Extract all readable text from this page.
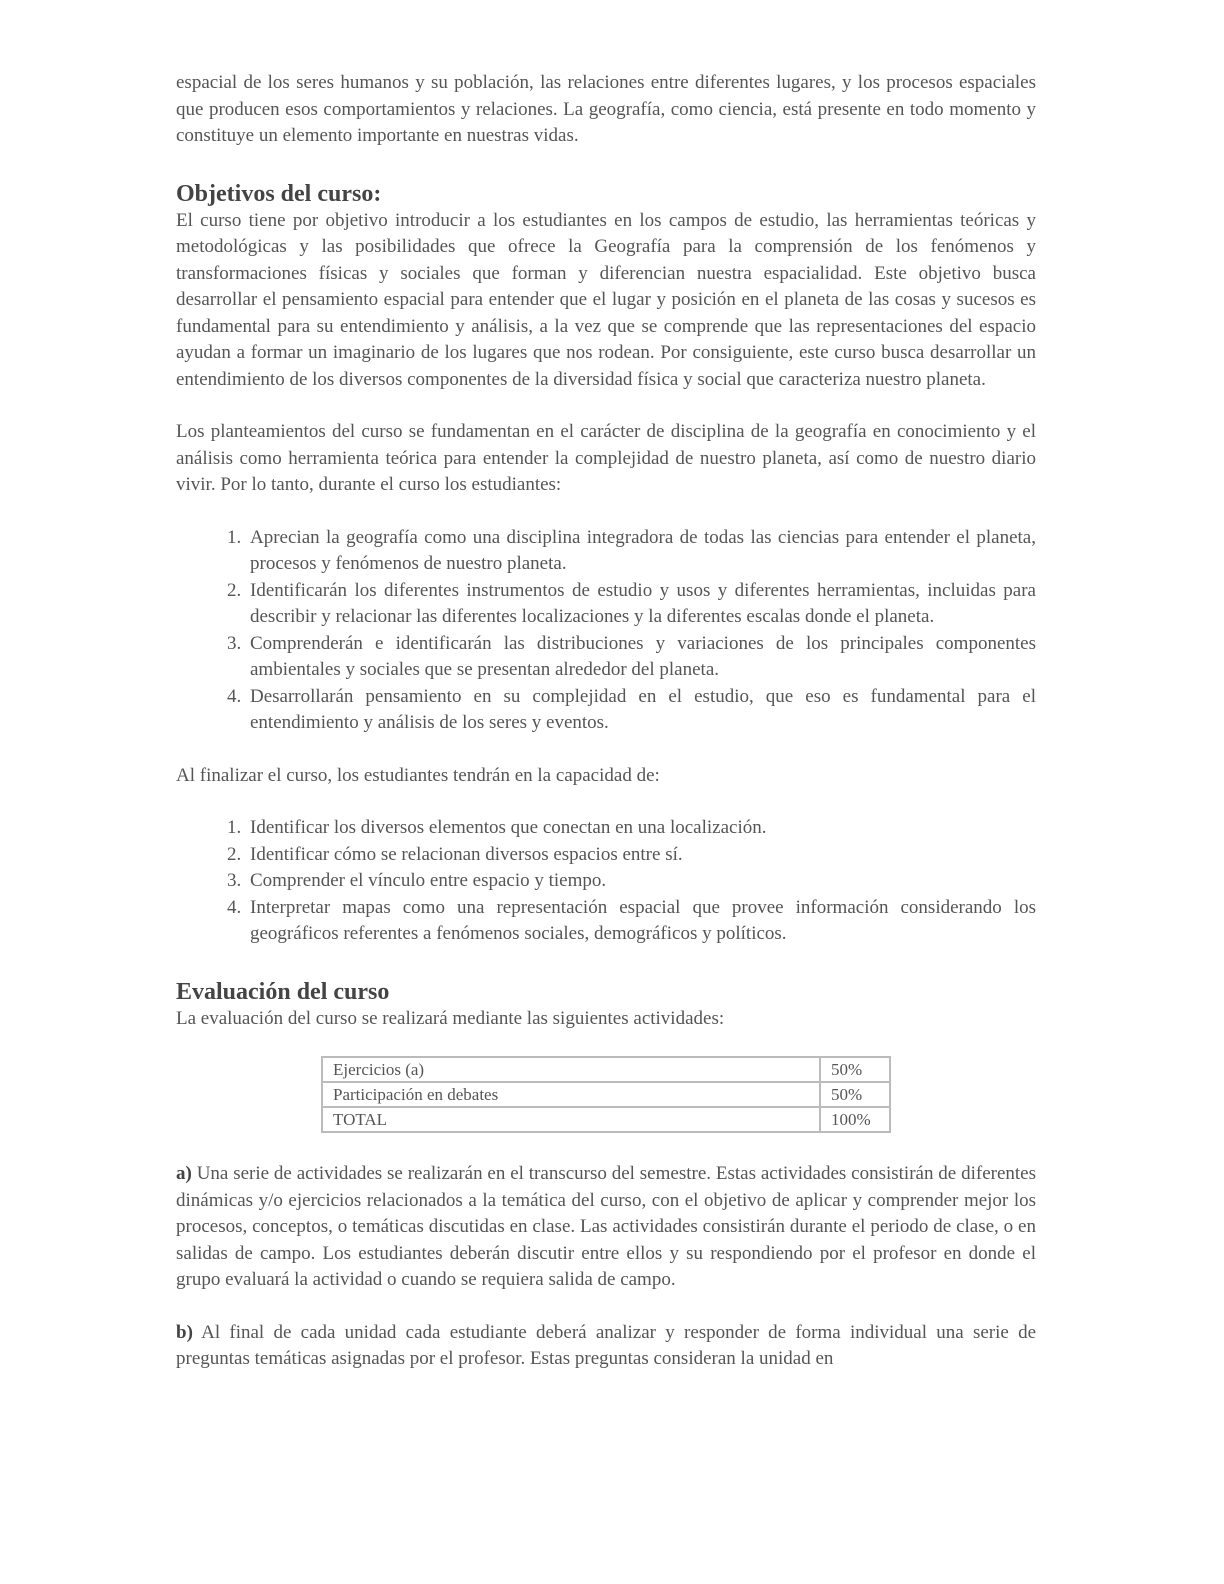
espacial de los seres humanos y su población, las relaciones entre diferentes lugares, y los procesos espaciales que producen esos comportamientos y relaciones. La geografía, como ciencia, está presente en todo momento y constituye un elemento importante en nuestras vidas.

Objetivos del curso:

El curso tiene por objetivo introducir a los estudiantes en los campos de estudio, las herramientas teóricas y metodológicas y las posibilidades que ofrece la Geografía para la comprensión de los fenómenos y transformaciones físicas y sociales que forman y diferencian nuestra espacialidad. Este objetivo busca desarrollar el pensamiento espacial para entender que el lugar y posición en el planeta de las cosas y sucesos es fundamental para su entendimiento y análisis, a la vez que se comprende que las representaciones del espacio ayudan a formar un imaginario de los lugares que nos rodean. Por consiguiente, este curso busca desarrollar un entendimiento de los diversos componentes de la diversidad física y social que caracteriza nuestro planeta.

Los planteamientos del curso se fundamentan en el carácter de disciplina de la geografía en conocimiento y el análisis como herramienta teórica para entender la complejidad de nuestro planeta, así como de nuestro diario vivir. Por lo tanto, durante el curso los estudiantes:

1. Aprecian la geografía como una disciplina integradora de todas las ciencias para entender el planeta, procesos y fenómenos de nuestro planeta.
2. Identificarán los diferentes instrumentos de estudio y usos y diferentes herramientas, incluidas para describir y relacionar las diferentes localizaciones y la diferentes escalas donde el planeta.
3. Comprenderán e identificarán las distribuciones y variaciones de los principales componentes ambientales y sociales que se presentan alrededor del planeta.
4. Desarrollarán pensamiento en su complejidad en el estudio, que eso es fundamental para el entendimiento y análisis de los seres y eventos.

Al finalizar el curso, los estudiantes tendrán en la capacidad de:

1. Identificar los diversos elementos que conectan en una localización.
2. Identificar cómo se relacionan diversos espacios entre sí.
3. Comprender el vínculo entre espacio y tiempo.
4. Interpretar mapas como una representación espacial que provee información considerando los geográficos referentes a fenómenos sociales, demográficos y políticos.
Evaluación del curso

La evaluación del curso se realizará mediante las siguientes actividades:

Ejercicios (a)	50%
Participación en debates	50%
TOTAL	100%

a) Una serie de actividades se realizarán en el transcurso del semestre. Estas actividades consistirán de diferentes dinámicas y/o ejercicios relacionados a la temática del curso, con el objetivo de aplicar y comprender mejor los procesos, conceptos, o temáticas discutidas en clase. Las actividades consistirán durante el periodo de clase, o en salidas de campo. Los estudiantes deberán discutir entre ellos y su respondiendo por el profesor en donde el grupo evaluará la actividad o cuando se requiera salida de campo.

b) Al final de cada unidad cada estudiante deberá analizar y responder de forma individual una serie de preguntas temáticas asignadas por el profesor. Estas preguntas consideran la unidad en
